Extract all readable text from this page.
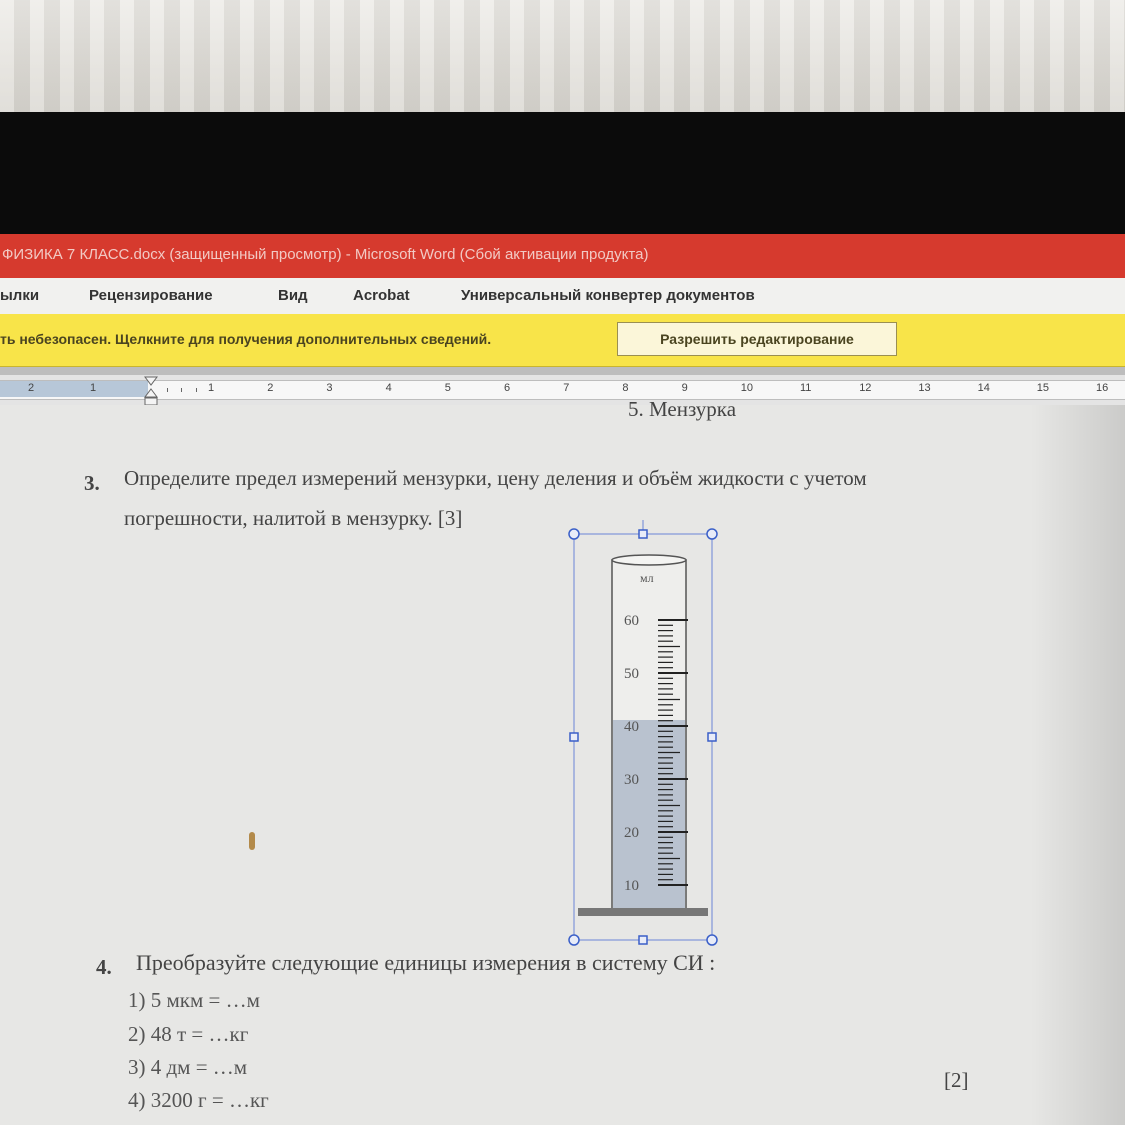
ФИЗИКА 7 КЛАСС.docx (защищенный просмотр) - Microsoft Word (Сбой активации продукта)
ылки	Рецензирование	Вид	Acrobat	Универсальный конвертер документов
ть небезопасен. Щелкните для получения дополнительных сведений.	Разрешить редактирование
2	1
5. Мензурка
3. Определите предел измерений мензурки, цену деления и объём жидкости с учетом
погрешности, налитой в мензурку. [3]
мл
60
50
40
30
20
10
4. Преобразуйте следующие единицы измерения в систему СИ :
1) 5 мкм = …м
2) 48 т = …кг
3) 4 дм = …м
4) 3200 г = …кг
[2]
1	2	3	4	5	6	7	8	9	10	11	12	13	14	15	16
